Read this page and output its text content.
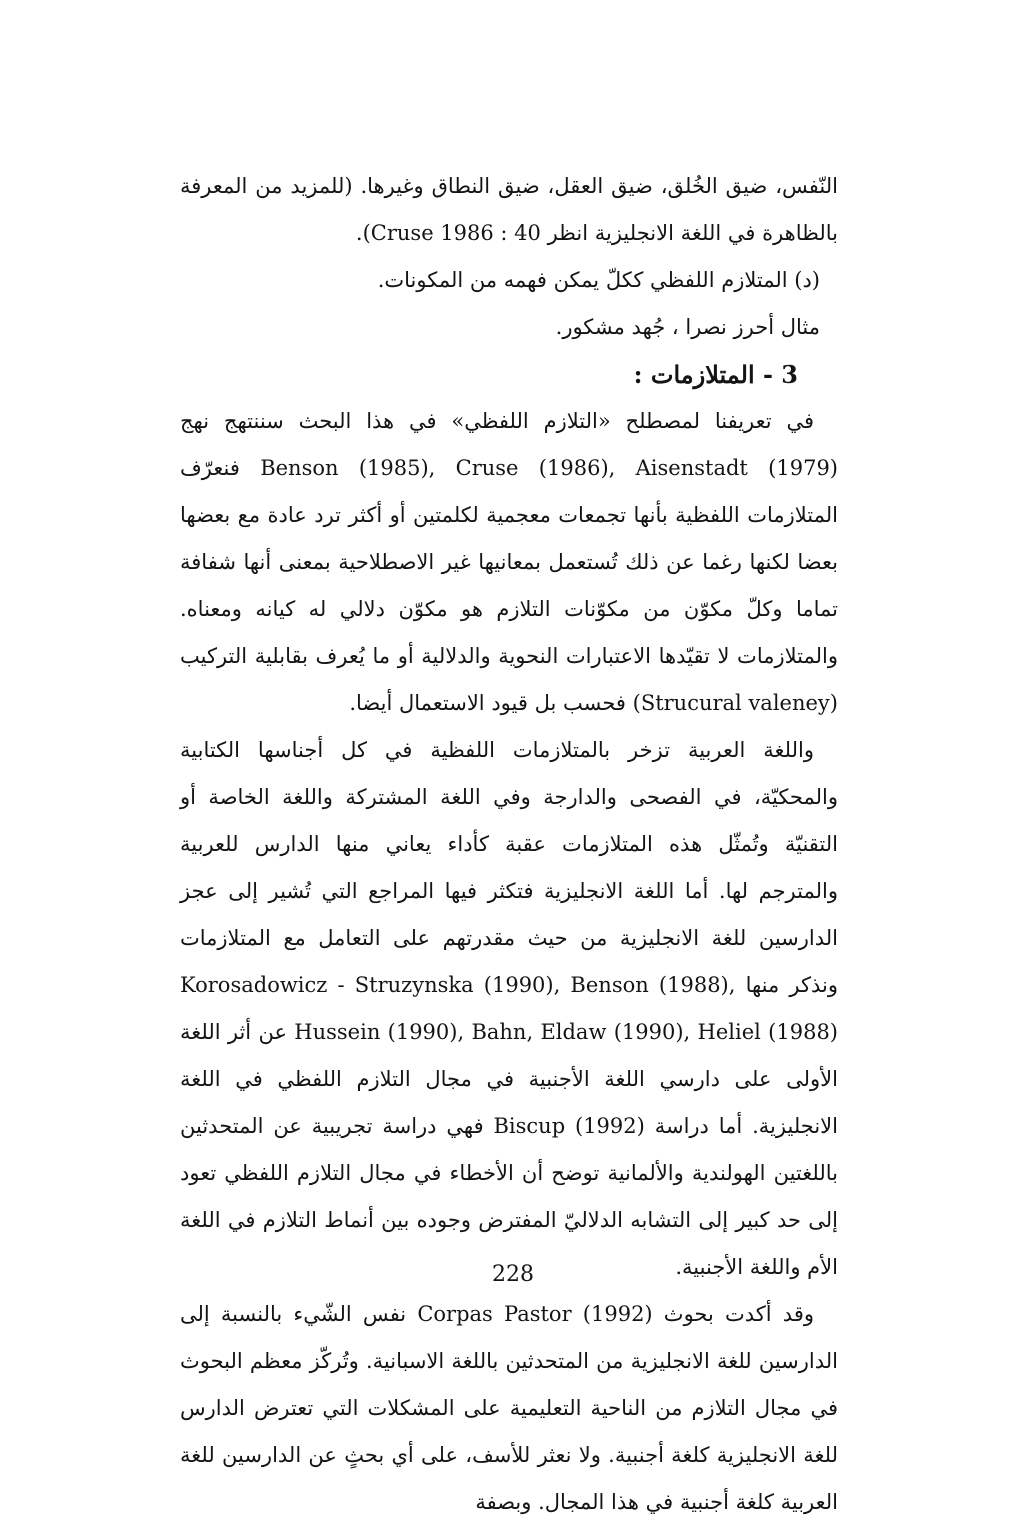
النّفس، ضيق الخُلق، ضيق العقل، ضيق النطاق وغيرها. (للمزيد من المعرفة بالظاهرة في اللغة الانجليزية انظر Cruse 1986 : 40).

(د) المتلازم اللفظي ككلّ يمكن فهمه من المكونات.

مثال أحرز نصرا ، جُهد مشكور.

3 - المتلازمات :

في تعريفنا لمصطلح «التلازم اللفظي» في هذا البحث سننتهج نهج Benson (1985), Cruse (1986), Aisenstadt (1979) فنعرّف المتلازمات اللفظية بأنها تجمعات معجمية لكلمتين أو أكثر ترد عادة مع بعضها بعضا لكنها رغما عن ذلك تُستعمل بمعانيها غير الاصطلاحية بمعنى أنها شفافة تماما وكلّ مكوّن من مكوّنات التلازم هو مكوّن دلالي له كيانه ومعناه. والمتلازمات لا تقيّدها الاعتبارات النحوية والدلالية أو ما يُعرف بقابلية التركيب (Strucural valeney) فحسب بل قيود الاستعمال أيضا.

واللغة العربية تزخر بالمتلازمات اللفظية في كل أجناسها الكتابية والمحكيّة، في الفصحى والدارجة وفي اللغة المشتركة واللغة الخاصة أو التقنيّة وتُمثّل هذه المتلازمات عقبة كأداء يعاني منها الدارس للعربية والمترجم لها. أما اللغة الانجليزية فتكثر فيها المراجع التي تُشير إلى عجز الدارسين للغة الانجليزية من حيث مقدرتهم على التعامل مع المتلازمات ونذكر منها Korosadowicz - Struzynska (1990), Benson (1988), Hussein (1990), Bahn, Eldaw (1990), Heliel (1988) عن أثر اللغة الأولى على دارسي اللغة الأجنبية في مجال التلازم اللفظي في اللغة الانجليزية. أما دراسة Biscup (1992) فهي دراسة تجريبية عن المتحدثين باللغتين الهولندية والألمانية توضح أن الأخطاء في مجال التلازم اللفظي تعود إلى حد كبير إلى التشابه الدلاليّ المفترض وجوده بين أنماط التلازم في اللغة الأم واللغة الأجنبية.

وقد أكدت بحوث Corpas Pastor (1992) نفس الشّيء بالنسبة إلى الدارسين للغة الانجليزية من المتحدثين باللغة الاسبانية. وتُركّز معظم البحوث في مجال التلازم من الناحية التعليمية على المشكلات التي تعترض الدارس للغة الانجليزية كلغة أجنبية. ولا نعثر للأسف، على أي بحثٍ عن الدارسين للغة العربية كلغة أجنبية في هذا المجال. وبصفة

228
